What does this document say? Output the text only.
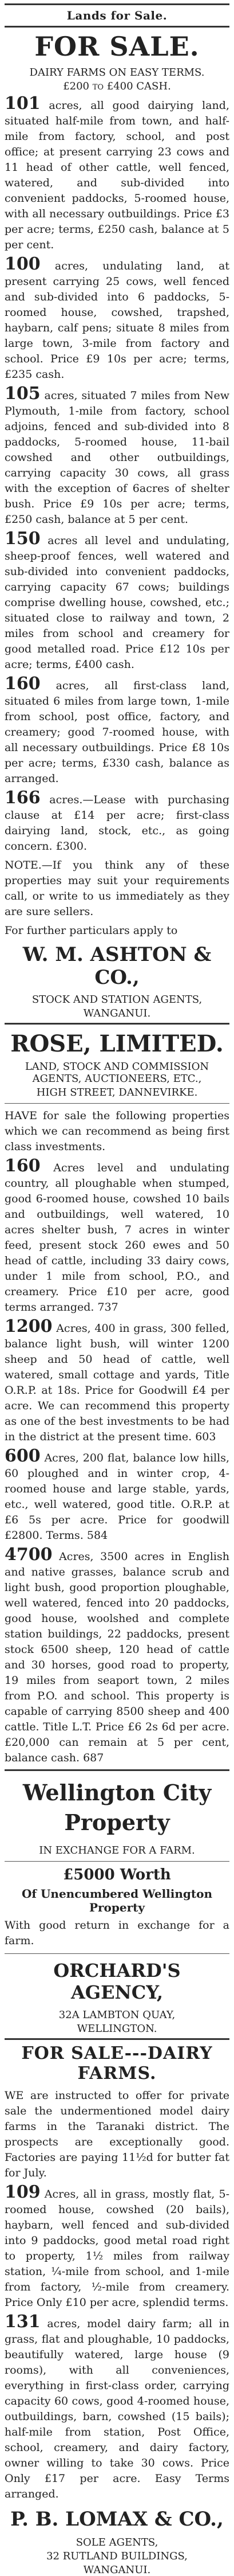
Lands for Sale.
FOR SALE.
DAIRY FARMS ON EASY TERMS.
£200 to £400 CASH.
101 acres, all good dairying land, situated half-mile from town, and half-mile from factory, school, and post office; at present carrying 23 cows and 11 head of other cattle, well fenced, watered, and sub-divided into convenient paddocks, 5-roomed house, with all necessary outbuildings. Price £3 per acre; terms, £250 cash, balance at 5 per cent.
100 acres, undulating land, at present carrying 25 cows, well fenced and sub-divided into 6 paddocks, 5-roomed house, cowshed, trapshed, haybarn, calf pens; situate 8 miles from large town, 3-mile from factory and school. Price £9 10s per acre; terms, £235 cash.
105 acres, situated 7 miles from New Plymouth, 1-mile from factory, school adjoins, fenced and sub-divided into 8 paddocks, 5-roomed house, 11-bail cowshed and other outbuildings, carrying capacity 30 cows, all grass with the exception of 6acres of shelter bush. Price £9 10s per acre; terms, £250 cash, balance at 5 per cent.
150 acres all level and undulating, sheep-proof fences, well watered and sub-divided into convenient paddocks, carrying capacity 67 cows; buildings comprise dwelling house, cowshed, etc.; situated close to railway and town, 2 miles from school and creamery for good metalled road. Price £12 10s per acre; terms, £400 cash.
160 acres, all first-class land, situated 6 miles from large town, 1-mile from school, post office, factory, and creamery; good 7-roomed house, with all necessary outbuildings. Price £8 10s per acre; terms, £330 cash, balance as arranged.
166 acres.—Lease with purchasing clause at £14 per acre; first-class dairying land, stock, etc., as going concern. £300.
NOTE.—If you think any of these properties may suit your requirements call, or write to us immediately as they are sure sellers.
For further particulars apply to
W. M. ASHTON & CO.,
STOCK AND STATION AGENTS,
WANGANUI.
ROSE, LIMITED.
LAND, STOCK AND COMMISSION AGENTS, AUCTIONEERS, ETC.,
HIGH STREET, DANNEVIRKE.
HAVE for sale the following properties which we can recommend as being first class investments.
160 Acres level and undulating country, all ploughable when stumped, good 6-roomed house, cowshed 10 bails and outbuildings, well watered, 10 acres shelter bush, 7 acres in winter feed, present stock 260 ewes and 50 head of cattle, including 33 dairy cows, under 1 mile from school, P.O., and creamery. Price £10 per acre, good terms arranged. 737
1200 Acres, 400 in grass, 300 felled, balance light bush, will winter 1200 sheep and 50 head of cattle, well watered, small cottage and yards, Title O.R.P. at 18s. Price for Goodwill £4 per acre. We can recommend this property as one of the best investments to be had in the district at the present time. 603
600 Acres, 200 flat, balance low hills, 60 ploughed and in winter crop, 4-roomed house and large stable, yards, etc., well watered, good title. O.R.P. at £6 5s per acre. Price for goodwill £2800. Terms. 584
4700 Acres, 3500 acres in English and native grasses, balance scrub and light bush, good proportion ploughable, well watered, fenced into 20 paddocks, good house, woolshed and complete station buildings, 22 paddocks, present stock 6500 sheep, 120 head of cattle and 30 horses, good road to property, 19 miles from seaport town, 2 miles from P.O. and school. This property is capable of carrying 8500 sheep and 400 cattle. Title L.T. Price £6 2s 6d per acre. £20,000 can remain at 5 per cent, balance cash. 687
Wellington City Property
IN EXCHANGE FOR A FARM.
£5000 Worth
Of Unencumbered Wellington Property
With good return in exchange for a farm.
ORCHARD'S AGENCY,
32A LAMBTON QUAY,
WELLINGTON.
FOR SALE---DAIRY FARMS.
WE are instructed to offer for private sale the undermentioned model dairy farms in the Taranaki district. The prospects are exceptionally good. Factories are paying 11½d for butter fat for July.
109 Acres, all in grass, mostly flat, 5-roomed house, cowshed (20 bails), haybarn, well fenced and sub-divided into 9 paddocks, good metal road right to property, 1½ miles from railway station, ¼-mile from school, and 1-mile from factory, ½-mile from creamery. Price Only £10 per acre, splendid terms.
131 acres, model dairy farm; all in grass, flat and ploughable, 10 paddocks, beautifully watered, large house (9 rooms), with all conveniences, everything in first-class order, carrying capacity 60 cows, good 4-roomed house, outbuildings, barn, cowshed (15 bails); half-mile from station, Post Office, school, creamery, and dairy factory, owner willing to take 30 cows. Price Only £17 per acre. Easy Terms arranged.
P. B. LOMAX & CO.,
SOLE AGENTS,
32 RUTLAND BUILDINGS,
WANGANUI.
